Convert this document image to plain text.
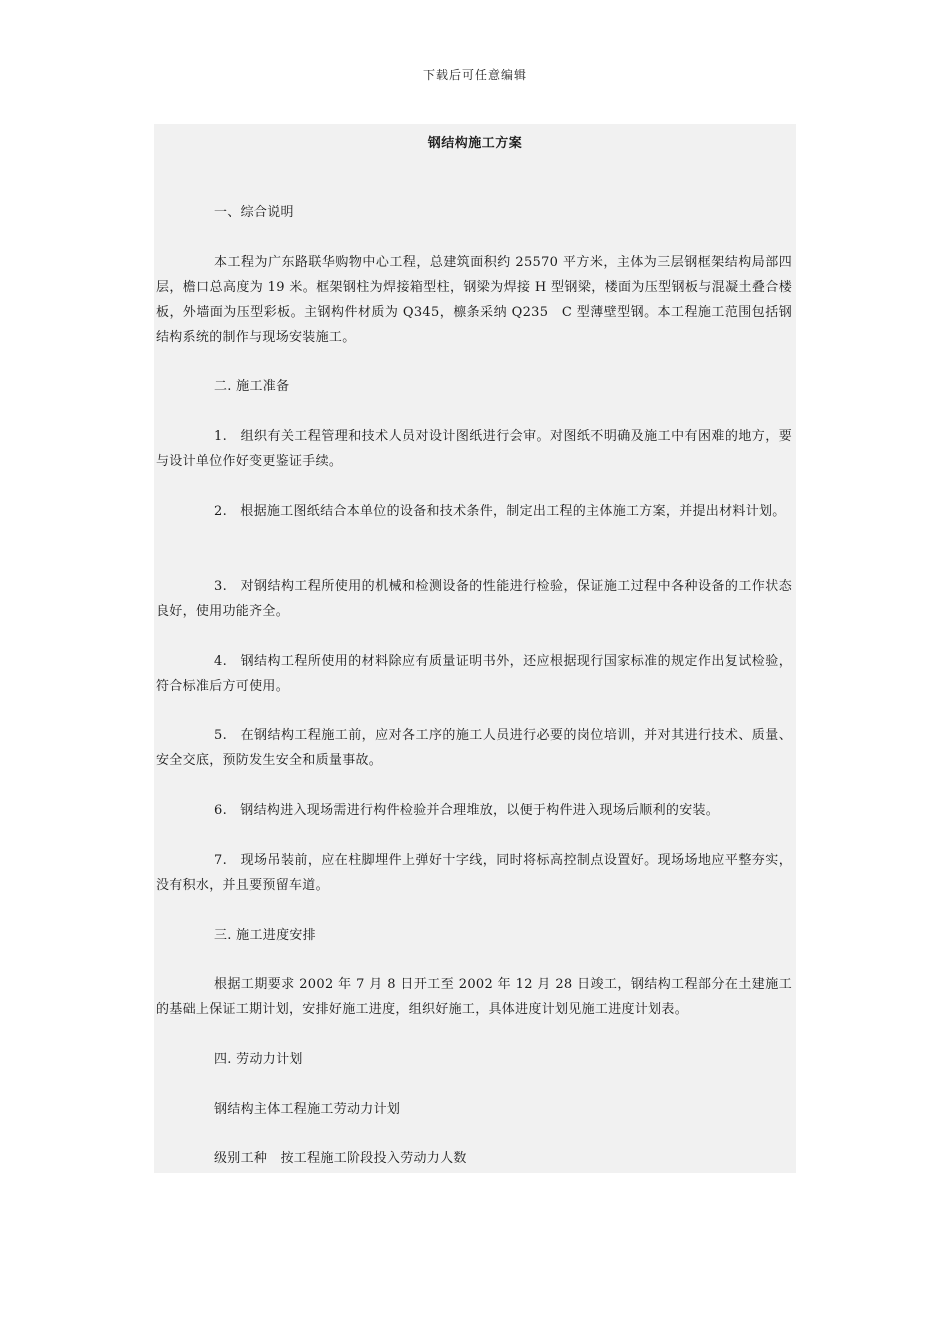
下载后可任意编辑
钢结构施工方案

一、综合说明

本工程为广东路联华购物中心工程，总建筑面积约 25570 平方米，主体为三层钢框架结构局部四层，檐口总高度为 19 米。框架钢柱为焊接箱型柱，钢梁为焊接 H 型钢梁，楼面为压型钢板与混凝土叠合楼板，外墙面为压型彩板。主钢构件材质为 Q345，檩条采纳 Q235　C 型薄壁型钢。本工程施工范围包括钢结构系统的制作与现场安装施工。

二. 施工准备

1.　组织有关工程管理和技术人员对设计图纸进行会审。对图纸不明确及施工中有困难的地方，要与设计单位作好变更鉴证手续。

2.　根据施工图纸结合本单位的设备和技术条件，制定出工程的主体施工方案，并提出材料计划。

3.　对钢结构工程所使用的机械和检测设备的性能进行检验，保证施工过程中各种设备的工作状态良好，使用功能齐全。

4.　钢结构工程所使用的材料除应有质量证明书外，还应根据现行国家标准的规定作出复试检验，符合标准后方可使用。

5.　在钢结构工程施工前，应对各工序的施工人员进行必要的岗位培训，并对其进行技术、质量、安全交底，预防发生安全和质量事故。

6.　钢结构进入现场需进行构件检验并合理堆放，以便于构件进入现场后顺利的安装。

7.　现场吊装前，应在柱脚埋件上弹好十字线，同时将标高控制点设置好。现场场地应平整夯实，没有积水，并且要预留车道。

三. 施工进度安排

根据工期要求 2002 年 7 月 8 日开工至 2002 年 12 月 28 日竣工，钢结构工程部分在土建施工的基础上保证工期计划，安排好施工进度，组织好施工，具体进度计划见施工进度计划表。

四. 劳动力计划

钢结构主体工程施工劳动力计划

级别工种　按工程施工阶段投入劳动力人数
